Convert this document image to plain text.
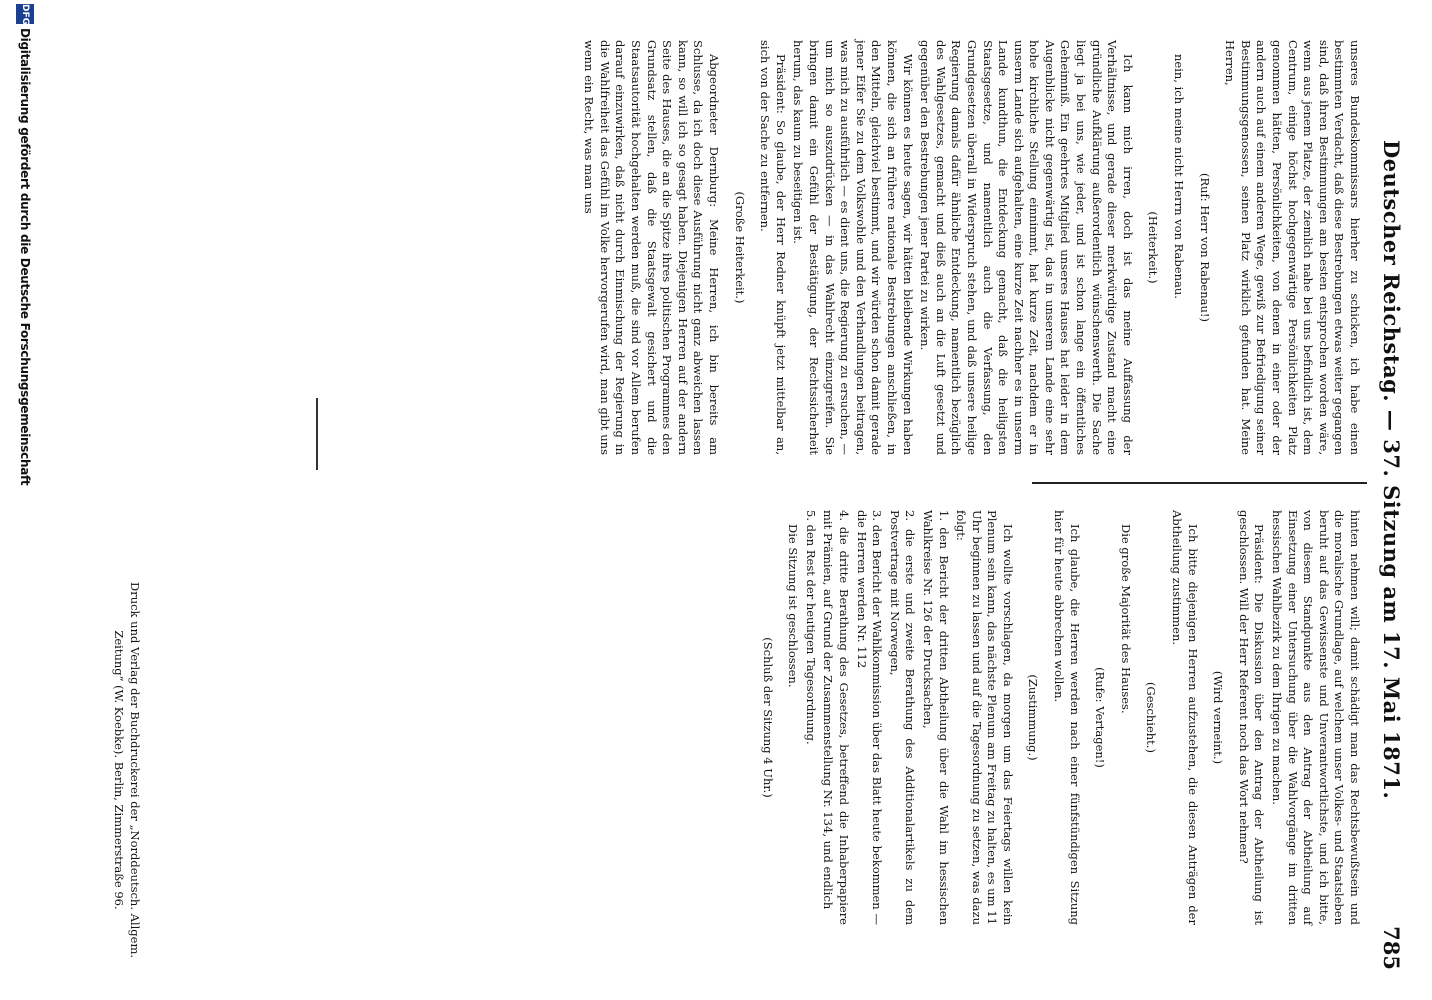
Deutscher Reichstag. — 37. Sitzung am 17. Mai 1871.
785

unseres Bundeskommissars hierher zu schicken, ich habe einen bestimmten Verdacht, daß diese Bestrebungen etwas weiter gegangen sind, daß ihren Bestimmungen am besten entsprochen worden wäre, wenn aus jenem Platze, der ziemlich nahe bei uns befindlich ist, dem Centrum, einige höchst hochgegenwärtige Persönlichkeiten Platz genommen hätten, Persönlichkeiten, von denen in einer oder der andern auch auf einem anderen Wege, gewiß zur Befriedigung seiner Bestimmungsgenossen, seinen Platz wirklich gefunden hat. Meine Herren,

(Ruf: Herr von Rabenau!)

nein, ich meine nicht Herrn von Rabenau.

(Heiterkeit.)

Ich kann mich irren, doch ist das meine Auffassung der Verhältnisse, und gerade dieser merkwürdige Zustand macht eine gründliche Aufklärung außerordentlich wünschenswerth. Die Sache liegt ja bei uns, wie jeder, und ist schon lange ein öffentliches Geheimniß. Ein geehrtes Mitglied unseres Hauses hat leider in dem Augenblicke nicht gegenwärtig ist, das in unserem Lande eine sehr hohe kirchliche Stellung einnimmt, hat kurze Zeit, nachdem er in unserm Lande sich aufgehalten, eine kurze Zeit nachher es in unserm Lande kundthun, die Entdeckung gemacht, daß die heiligsten Staatsgesetze, und namentlich auch die Verfassung, den Grundgesetzen überall in Widerspruch stehen, und daß unsere heilige Regierung damals dafür ähnliche Entdeckung, namentlich bezüglich des Wahlgesetzes, gemacht und dieß auch an die Luft gesetzt und gegenüber den Bestrebungen jener Partei zu wirken.

Wir können es heute sagen, wir hätten bleibende Wirkungen haben können, die sich an frühere nationale Bestrebungen anschließen, in den Mitteln, gleichviel bestimmt, und wir würden schon damit gerade jener Eifer Sie zu dem Volkswohle und den Verhandlungen beitragen, was mich zu ausführlich — es dient uns, die Regierung zu ersuchen, — um mich so auszudrücken — in das Wahlrecht einzugreifen. Sie bringen damit ein Gefühl der Bestätigung, der Rechtssicherheit herum, das kaum zu beseitigen ist.

Präsident: So glaube, der Herr Redner knüpft jetzt mittelbar an, sich von der Sache zu entfernen.

(Große Heiterkeit.)

Abgeordneter Dernburg: Meine Herren, ich bin bereits am Schlusse, da ich doch diese Ausführung nicht ganz abweichen lassen kann, so will ich so gesagt haben. Diejenigen Herren auf der andern Seite des Hauses, die an die Spitze ihres politischen Programmes den Grundsatz stellen, daß die Staatsgewalt gesichert und die Staatsautorität hochgehalten werden muß, die sind vor Allem berufen darauf einzuwirken, daß nicht durch Einmischung der Regierung in die Wahlfreiheit das Gefühl im Volke hervorgerufen wird, man gibt uns wenn ein Recht, was man uns

hinten nehmen will; damit schädigt man das Rechtsbewußtsein und die moralische Grundlage, auf welchem unser Volkes- und Staatsleben beruht auf das Gewissenste und Unverantwortlichste, und ich bitte, von diesem Standpunkte aus den Antrag der Abtheilung auf Einsetzung einer Untersuchung über die Wahlvorgänge im dritten hessischen Wahlbezirk zu dem Ihrigen zu machen.

Präsident: Die Diskussion über den Antrag der Abtheilung ist geschlossen. Will der Herr Referent noch das Wort nehmen?

(Wird verneint.)

Ich bitte diejenigen Herren aufzustehen, die diesen Anträgen der Abtheilung zustimmen.

(Geschieht.)

Die große Majorität des Hauses.

(Rufe: Vertagen!)

Ich glaube, die Herren werden nach einer fünfstündigen Sitzung hier für heute abbrechen wollen.

(Zustimmung.)

Ich wollte vorschlagen, da morgen um das Feiertags willen kein Plenum sein kann, das nächste Plenum am Freitag zu halten, es um 11 Uhr beginnen zu lassen und auf die Tagesordnung zu setzen, was dazu folgt:

1. den Bericht der dritten Abtheilung über die Wahl im hessischen Wahlkreise Nr. 126 der Drucksachen,

2. die erste und zweite Berathung des Additionalartikels zu dem Postvertrage mit Norwegen,

3. den Bericht der Wahlkommission über das Blatt heute bekommen — die Herren werden Nr. 112

4. die dritte Berathung des Gesetzes, betreffend die Inhaberpapiere mit Prämien, auf Grund der Zusammenstellung Nr. 134, und endlich

5. den Rest der heutigen Tagesordnung.

Die Sitzung ist geschlossen.

(Schluß der Sitzung 4 Uhr.)

Druck und Verlag der Buchdruckerei der „Norddeutsch. Allgem. Zeitung“ (W. Koebke). Berlin, Zimmerstraße 96.
DFG
Digitalisierung gefördert durch die Deutsche Forschungsgemeinschaft
